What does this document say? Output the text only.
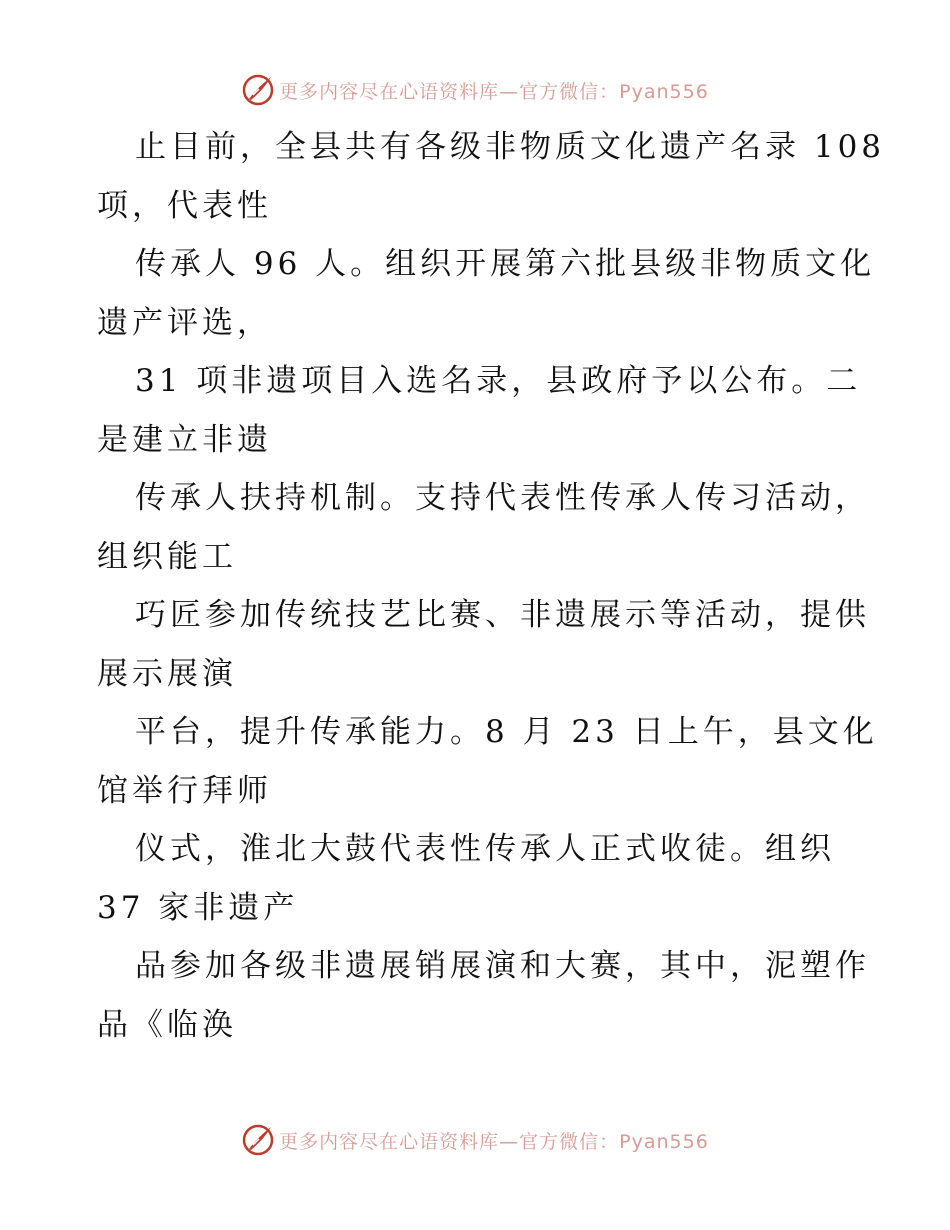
更多内容尽在心语资料库—官方微信：Pyan556
止目前，全县共有各级非物质文化遗产名录 108
项，代表性
传承人 96 人。组织开展第六批县级非物质文化
遗产评选，
31 项非遗项目入选名录，县政府予以公布。二
是建立非遗
传承人扶持机制。支持代表性传承人传习活动，
组织能工
巧匠参加传统技艺比赛、非遗展示等活动，提供
展示展演
平台，提升传承能力。8 月 23 日上午，县文化
馆举行拜师
仪式，淮北大鼓代表性传承人正式收徒。组织
37 家非遗产
品参加各级非遗展销展演和大赛，其中，泥塑作
品《临涣
更多内容尽在心语资料库—官方微信：Pyan556
